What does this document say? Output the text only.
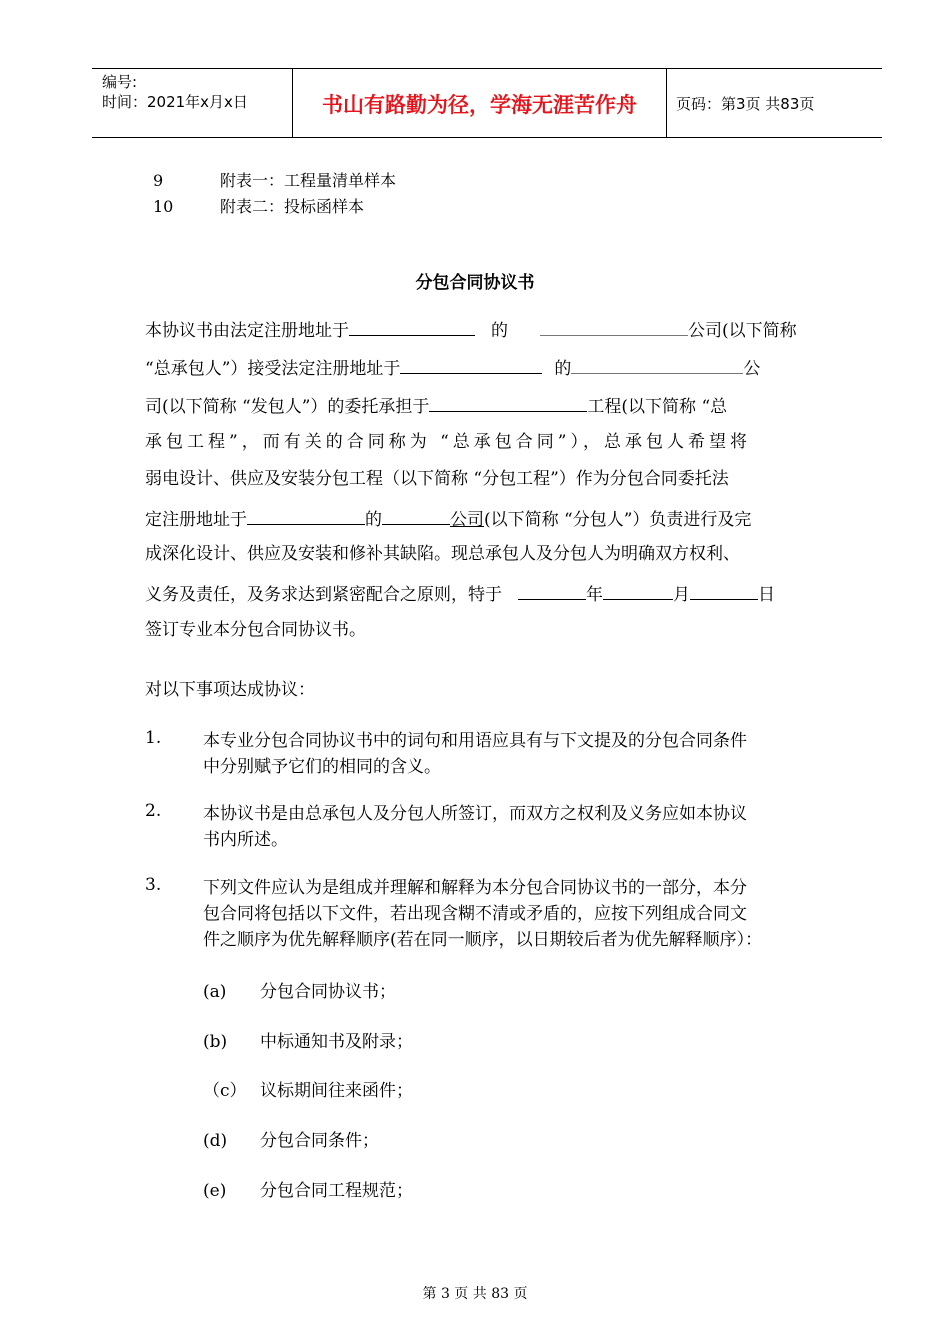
编号:
时间：2021年x月x日	书山有路勤为径，学海无涯苦作舟	页码：第3页 共83页
9	附表一：工程量清单样本
10	附表二：投标函样本
分包合同协议书
本协议书由法定注册地址于	的	公司(以下简称
“总承包人”）接受法定注册地址于	的	公
司(以下简称 “发包人”）的委托承担于	工程(以下简称 “总
承包工程”，而有关的合同称为 “总承包合同”），总承包人希望将
弱电设计、供应及安装分包工程（以下简称 “分包工程”）作为分包合同委托法
定注册地址于	的	公司(以下简称 “分包人”）负责进行及完
成深化设计、供应及安装和修补其缺陷。现总承包人及分包人为明确双方权利、
义务及责任，及务求达到紧密配合之原则，特于	年	月	日
签订专业本分包合同协议书。
对以下事项达成协议：
1.	本专业分包合同协议书中的词句和用语应具有与下文提及的分包合同条件
中分别赋予它们的相同的含义。
2.	本协议书是由总承包人及分包人所签订，而双方之权利及义务应如本协议
书内所述。
3.	下列文件应认为是组成并理解和解释为本分包合同协议书的一部分，本分
包合同将包括以下文件，若出现含糊不清或矛盾的，应按下列组成合同文
件之顺序为优先解释顺序(若在同一顺序，以日期较后者为优先解释顺序）：
(a) 分包合同协议书；
(b) 中标通知书及附录；
（c） 议标期间往来函件；
(d) 分包合同条件；
(e) 分包合同工程规范；
第 3 页 共 83 页
